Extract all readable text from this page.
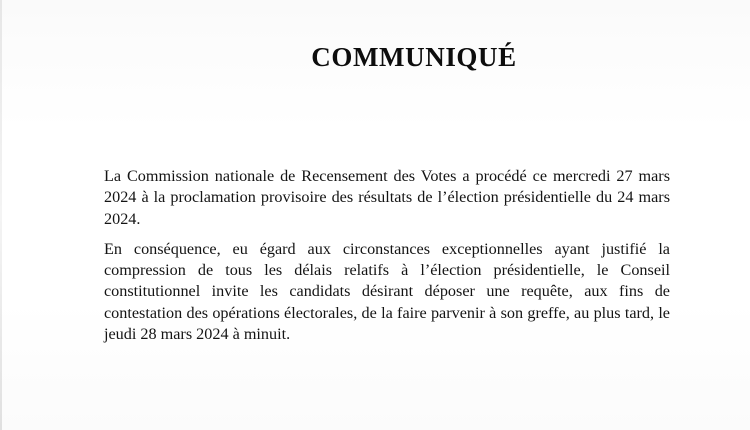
COMMUNIQUÉ

La Commission nationale de Recensement des Votes a procédé ce mercredi 27 mars 2024 à la proclamation provisoire des résultats de l’élection présidentielle du 24 mars 2024.

En conséquence, eu égard aux circonstances exceptionnelles ayant justifié la compression de tous les délais relatifs à l’élection présidentielle, le Conseil constitutionnel invite les candidats désirant déposer une requête, aux fins de contestation des opérations électorales, de la faire parvenir à son greffe, au plus tard, le jeudi 28 mars 2024 à minuit.
